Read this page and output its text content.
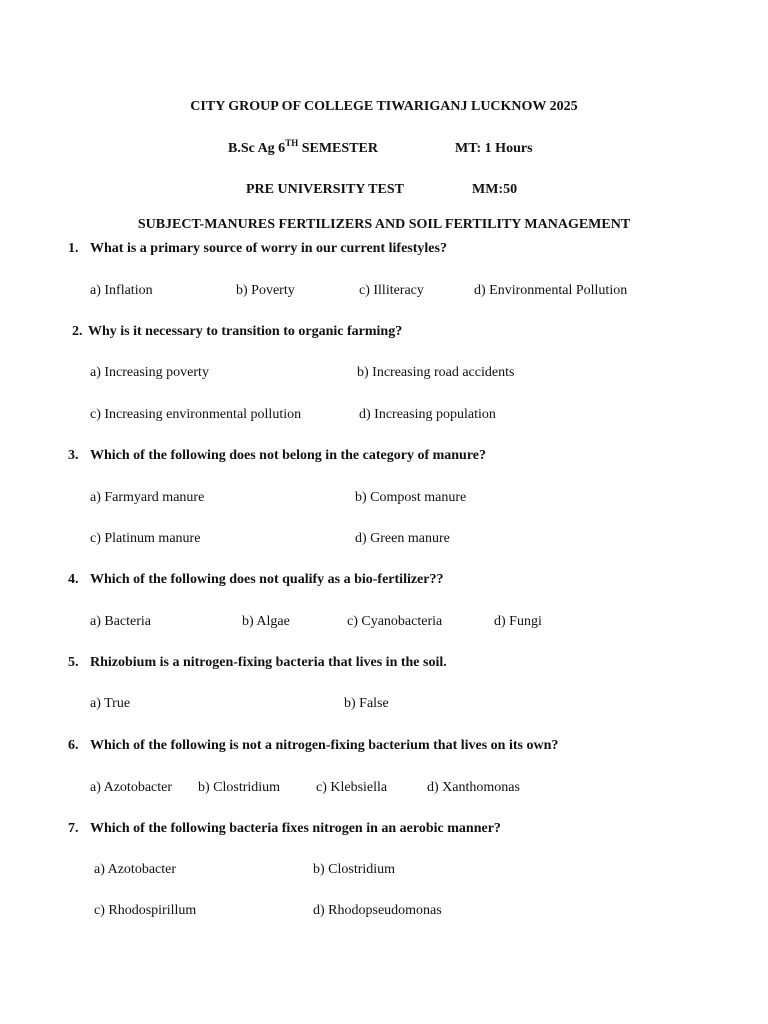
CITY GROUP OF COLLEGE TIWARIGANJ LUCKNOW 2025
B.Sc Ag 6TH SEMESTER	MT: 1 Hours
PRE UNIVERSITY TEST	MM:50
SUBJECT-MANURES FERTILIZERS AND SOIL FERTILITY MANAGEMENT
1. What is a primary source of worry in our current lifestyles?
a) Inflation	b) Poverty	c) Illiteracy	d) Environmental Pollution
2. Why is it necessary to transition to organic farming?
a) Increasing poverty	b) Increasing road accidents
c) Increasing environmental pollution	d) Increasing population
3. Which of the following does not belong in the category of manure?
a) Farmyard manure	b) Compost manure
c) Platinum manure	d) Green manure
4. Which of the following does not qualify as a bio-fertilizer??
a) Bacteria	b) Algae	c) Cyanobacteria	d) Fungi
5. Rhizobium is a nitrogen-fixing bacteria that lives in the soil.
a) True	b) False
6. Which of the following is not a nitrogen-fixing bacterium that lives on its own?
a) Azotobacter b) Clostridium	c) Klebsiella	d) Xanthomonas
7. Which of the following bacteria fixes nitrogen in an aerobic manner?
a) Azotobacter	b) Clostridium
c) Rhodospirillum	d) Rhodopseudomonas
